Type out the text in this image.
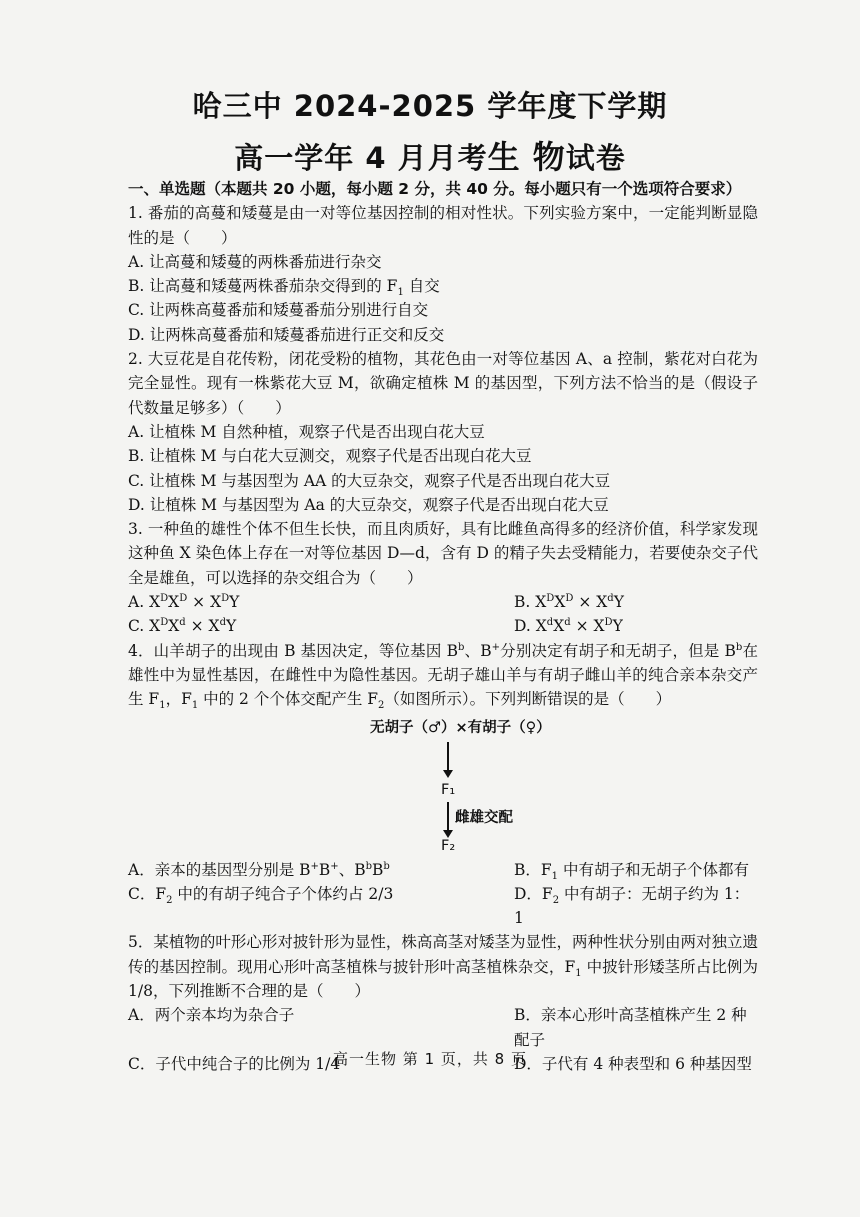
哈三中 2024-2025 学年度下学期
高一学年 4 月月考生 物试卷

一、单选题（本题共 20 小题，每小题 2 分，共 40 分。每小题只有一个选项符合要求）

1. 番茄的高蔓和矮蔓是由一对等位基因控制的相对性状。下列实验方案中，一定能判断显隐性的是（　　）

A. 让高蔓和矮蔓的两株番茄进行杂交

B. 让高蔓和矮蔓两株番茄杂交得到的 $F_1$ 自交

C. 让两株高蔓番茄和矮蔓番茄分别进行自交

D. 让两株高蔓番茄和矮蔓番茄进行正交和反交

2. 大豆花是自花传粉，闭花受粉的植物，其花色由一对等位基因 A、a 控制，紫花对白花为完全显性。现有一株紫花大豆 M，欲确定植株 M 的基因型，下列方法不恰当的是（假设子代数量足够多）（　　）

A. 让植株 M 自然种植，观察子代是否出现白花大豆

B. 让植株 M 与白花大豆测交，观察子代是否出现白花大豆

C. 让植株 M 与基因型为 AA 的大豆杂交，观察子代是否出现白花大豆

D. 让植株 M 与基因型为 Aa 的大豆杂交，观察子代是否出现白花大豆

3. 一种鱼的雄性个体不但生长快，而且肉质好，具有比雌鱼高得多的经济价值，科学家发现这种鱼 X 染色体上存在一对等位基因 D—d，含有 D 的精子失去受精能力，若要使杂交子代全是雄鱼，可以选择的杂交组合为（　　）

A. $X^DX^D \times X^DY$	B. $X^DX^D \times X^dY$
C. $X^DX^d \times X^dY$	D. $X^dX^d \times X^DY$

4．山羊胡子的出现由 B 基因决定，等位基因 $B^b$、B+分别决定有胡子和无胡子，但是 $B^b$在雄性中为显性基因，在雌性中为隐性基因。无胡子雄山羊与有胡子雌山羊的纯合亲本杂交产生 $F_1$，$F_1$ 中的 2 个个体交配产生 $F_2$（如图所示）。下列判断错误的是（　　）

无胡子（♂）×有胡子（♀）
F₁
雌雄交配
F₂
A．亲本的基因型分别是 B+B+、$B^bB^b$	B．$F_1$ 中有胡子和无胡子个体都有
C．$F_2$ 中的有胡子纯合子个体约占 2/3	D．$F_2$ 中有胡子：无胡子约为 1：1

5．某植物的叶形心形对披针形为显性，株高高茎对矮茎为显性，两种性状分别由两对独立遗传的基因控制。现用心形叶高茎植株与披针形叶高茎植株杂交，$F_1$ 中披针形矮茎所占比例为 1/8，下列推断不合理的是（　　）

A．两个亲本均为杂合子	B．亲本心形叶高茎植株产生 2 种配子
C．子代中纯合子的比例为 1/4	D．子代有 4 种表型和 6 种基因型
高一生物 第 1 页，共 8 页
